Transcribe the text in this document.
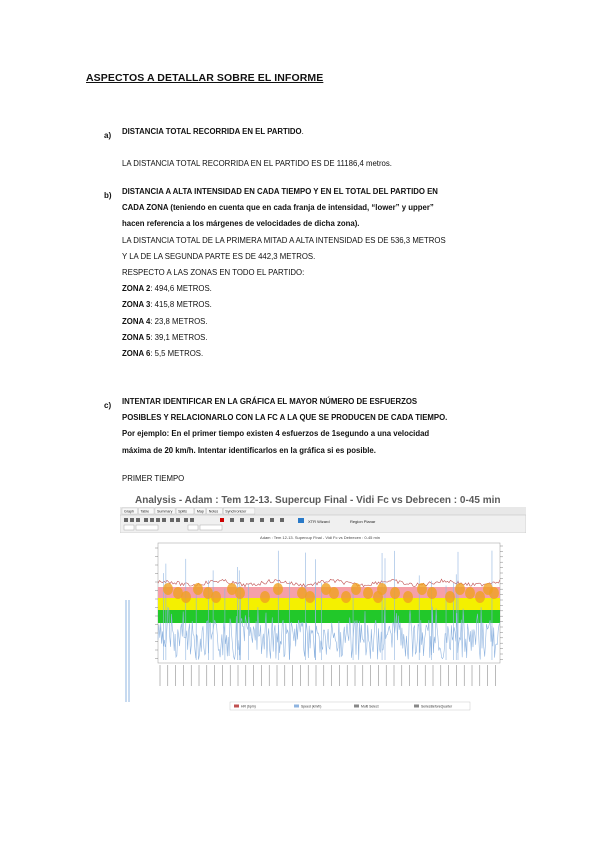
ASPECTOS A DETALLAR SOBRE EL INFORME
a) DISTANCIA TOTAL RECORRIDA EN EL PARTIDO.
LA DISTANCIA TOTAL RECORRIDA EN EL PARTIDO ES DE 11186,4 metros.
b) DISTANCIA A ALTA INTENSIDAD EN CADA TIEMPO Y EN EL TOTAL DEL PARTIDO EN
CADA ZONA (teniendo en cuenta que en cada franja de intensidad, “lower” y upper”
hacen referencia a los márgenes de velocidades de dicha zona).
LA DISTANCIA TOTAL DE LA PRIMERA MITAD A ALTA INTENSIDAD ES DE 536,3 METROS
Y LA DE LA SEGUNDA PARTE ES DE 442,3 METROS.
RESPECTO A LAS ZONAS EN TODO EL PARTIDO:
ZONA 2: 494,6 METROS.
ZONA 3: 415,8 METROS.
ZONA 4: 23,8 METROS.
ZONA 5: 39,1 METROS.
ZONA 6: 5,5 METROS.
c) INTENTAR IDENTIFICAR EN LA GRÁFICA EL MAYOR NÚMERO DE ESFUERZOS
POSIBLES Y RELACIONARLO CON LA FC A LA QUE SE PRODUCEN DE CADA TIEMPO.
Por ejemplo: En el primer tiempo existen 4 esfuerzos de 1segundo a una velocidad
máxima de 20 km/h. Intentar identificarlos en la gráfica si es posible.
PRIMER TIEMPO
Analysis - Adam : Tem 12-13. Supercup Final - Vidi Fc vs Debrecen : 0-45 min
Graph Table Summary Splits	Map Notes Synchronizer
XTR Wizard	Region Planar
Adam : Tem 12-13. Supercup Final - Vidi Fc vs Debrecen : 0-45 min
HR (bpm)	Speed (km/h)	Multi Select	SeriesBeforeQuarter
